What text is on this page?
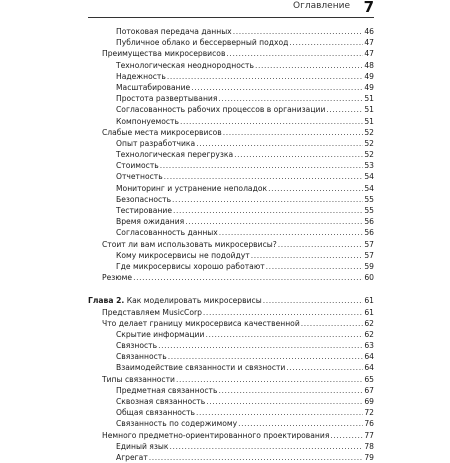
Оглавление 7
Потоковая передача данных .....	46
Публичное облако и бессерверный подход .....	47
Преимущества микросервисов .....	47
Технологическая неоднородность .....	48
Надежность .....	49
Масштабирование .....	49
Простота развертывания .....	51
Согласованность рабочих процессов в организации .....	51
Компонуемость .....	51
Слабые места микросервисов .....	52
Опыт разработчика .....	52
Технологическая перегрузка .....	52
Стоимость .....	53
Отчетность .....	54
Мониторинг и устранение неполадок .....	54
Безопасность .....	55
Тестирование .....	55
Время ожидания .....	56
Согласованность данных .....	56
Стоит ли вам использовать микросервисы? .....	57
Кому микросервисы не подойдут .....	57
Где микросервисы хорошо работают .....	59
Резюме .....	60
Глава 2. Как моделировать микросервисы .....	61
Представляем MusicCorp .....	61
Что делает границу микросервиса качественной .....	62
Скрытие информации .....	62
Связность .....	63
Связанность .....	64
Взаимодействие связанности и связности .....	64
Типы связанности .....	65
Предметная связанность .....	67
Сквозная связанность .....	69
Общая связанность .....	72
Связанность по содержимому .....	76
Немного предметно-ориентированного проектирования .....	77
Единый язык .....	78
Агрегат .....	79
